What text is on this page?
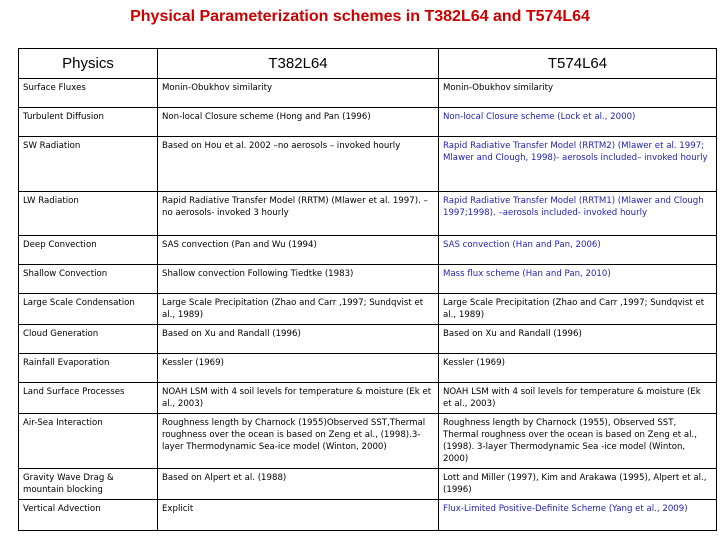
Physical Parameterization schemes in T382L64 and T574L64
Physics	T382L64	T574L64
Surface Fluxes	Monin-Obukhov similarity	Monin-Obukhov similarity
Turbulent Diffusion	Non-local Closure scheme (Hong and Pan (1996)	Non-local Closure scheme (Lock et al., 2000)
SW Radiation	Based on Hou et al. 2002 –no aerosols – invoked hourly	Rapid Radiative Transfer Model (RRTM2) (Mlawer et al. 1997; Mlawer and Clough, 1998)- aerosols included– invoked hourly
LW Radiation	Rapid Radiative Transfer Model (RRTM) (Mlawer et al. 1997). –no aerosols- invoked 3 hourly	Rapid Radiative Transfer Model (RRTM1) (Mlawer and Clough 1997;1998). –aerosols included- invoked hourly
Deep Convection	SAS convection (Pan and Wu (1994)	SAS convection (Han and Pan, 2006)
Shallow Convection	Shallow convection Following Tiedtke (1983)	Mass flux scheme (Han and Pan, 2010)
Large Scale Condensation	Large Scale Precipitation (Zhao and Carr ,1997; Sundqvist et al., 1989)	Large Scale Precipitation (Zhao and Carr ,1997; Sundqvist et al., 1989)
Cloud Generation	Based on Xu and Randall (1996)	Based on Xu and Randall (1996)
Rainfall Evaporation	Kessler (1969)	Kessler (1969)
Land Surface Processes	NOAH LSM with 4 soil levels for temperature & moisture (Ek et al., 2003)	NOAH LSM with 4 soil levels for temperature & moisture (Ek et al., 2003)
Air-Sea Interaction	Roughness length by Charnock (1955)Observed SST,Thermal roughness over the ocean is based on Zeng et al., (1998).3-layer Thermodynamic Sea-ice model (Winton, 2000)	Roughness length by Charnock (1955), Observed SST, Thermal roughness over the ocean is based on Zeng et al., (1998). 3-layer Thermodynamic Sea -ice model (Winton, 2000)
Gravity Wave Drag & mountain blocking	Based on Alpert et al. (1988)	Lott and Miller (1997), Kim and Arakawa (1995), Alpert et al., (1996)
Vertical Advection	Explicit	Flux-Limited Positive-Definite Scheme (Yang et al., 2009)
